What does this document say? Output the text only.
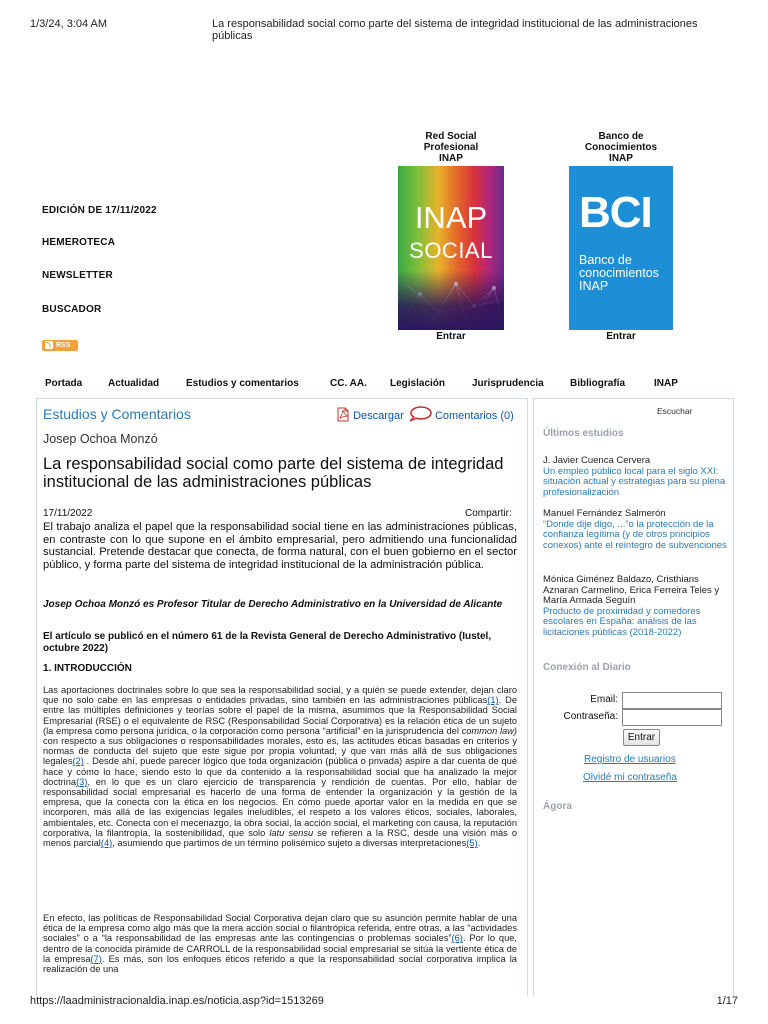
1/3/24, 3:04 AM	La responsabilidad social como parte del sistema de integridad institucional de las administraciones públicas
EDICIÓN DE 17/11/2022
HEMEROTECA
NEWSLETTER
BUSCADOR
RSS
Red Social
Profesional
INAP
INAP
SOCIAL
Entrar
Banco de
Conocimientos
INAP
BCI
Banco de
conocimientos
INAP
Entrar
Portada	Actualidad	Estudios y comentarios	CC. AA. Legislación	Jurisprudencia	Bibliografía	INAP
Estudios y Comentarios	Descargar	Comentarios (0)
Josep Ochoa Monzó
La responsabilidad social como parte del sistema de integridad institucional de las administraciones públicas
17/11/2022	Compartir:
El trabajo analiza el papel que la responsabilidad social tiene en las administraciones públicas, en contraste con lo que supone en el ámbito empresarial, pero admitiendo una funcionalidad sustancial. Pretende destacar que conecta, de forma natural, con el buen gobierno en el sector público, y forma parte del sistema de integridad institucional de la administración pública.
Josep Ochoa Monzó es Profesor Titular de Derecho Administrativo en la Universidad de Alicante
El artículo se publicó en el número 61 de la Revista General de Derecho Administrativo (Iustel, octubre 2022)
1. INTRODUCCIÓN
Las aportaciones doctrinales sobre lo que sea la responsabilidad social, y a quién se puede extender, dejan claro que no solo cabe en las empresas o entidades privadas, sino también en las administraciones públicas(1). De entre las múltiples definiciones y teorías sobre el papel de la misma, asumimos que la Responsabilidad Social Empresarial (RSE) o el equivalente de RSC (Responsabilidad Social Corporativa) es la relación ética de un sujeto (la empresa como persona jurídica, o la corporación como persona “artificial” en la jurisprudencia del common law) con respecto a sus obligaciones o responsabilidades morales, esto es, las actitudes éticas basadas en criterios y normas de conducta del sujeto que este sigue por propia voluntad, y que van más allá de sus obligaciones legales(2) . Desde ahí, puede parecer lógico que toda organización (pública o privada) aspire a dar cuenta de qué hace y cómo lo hace, siendo esto lo que da contenido a la responsabilidad social que ha analizado la mejor doctrina(3), en lo que es un claro ejercicio de transparencia y rendición de cuentas. Por ello, hablar de responsabilidad social empresarial es hacerlo de una forma de entender la organización y la gestión de la empresa, que la conecta con la ética en los negocios. En cómo puede aportar valor en la medida en que se incorporen, más allá de las exigencias legales ineludibles, el respeto a los valores éticos, sociales, laborales, ambientales, etc. Conecta con el mecenazgo, la obra social, la acción social, el marketing con causa, la reputación corporativa, la filantropía, la sostenibilidad, que solo latu sensu se refieren a la RSC, desde una visión más o menos parcial(4), asumiendo que partimos de un término polisémico sujeto a diversas interpretaciones(5).
En efecto, las políticas de Responsabilidad Social Corporativa dejan claro que su asunción permite hablar de una ética de la empresa como algo más que la mera acción social o filantrópica referida, entre otras, a las “actividades sociales” o a “la responsabilidad de las empresas ante las contingencias o problemas sociales”(6). Por lo que, dentro de la conocida pirámide de CARROLL de la responsabilidad social empresarial se sitúa la vertiente ética de la empresa(7). Es más, son los enfoques éticos referido a que la responsabilidad social corporativa implica la realización de una
Escuchar
Últimos estudios
J. Javier Cuenca Cervera
Un empleo público local para el siglo XXI: situación actual y estrategias para su plena profesionalización
Manuel Fernández Salmerón
“Donde dije digo, ...”o la protección de la confianza legítima (y de otros principios conexos) ante el reintegro de subvenciones
Mónica Giménez Baldazo, Cristhians Aznaran Carmelino, Erica Ferreira Teles y María Armada Seguín
Producto de proximidad y comedores escolares en España: análisis de las licitaciones públicas (2018-2022)
Conexión al Diario
Email:
Contraseña:
Entrar
Registro de usuarios
Olvidé mi contraseña
Ágora
https://laadministracionaldia.inap.es/noticia.asp?id=1513269	1/17
